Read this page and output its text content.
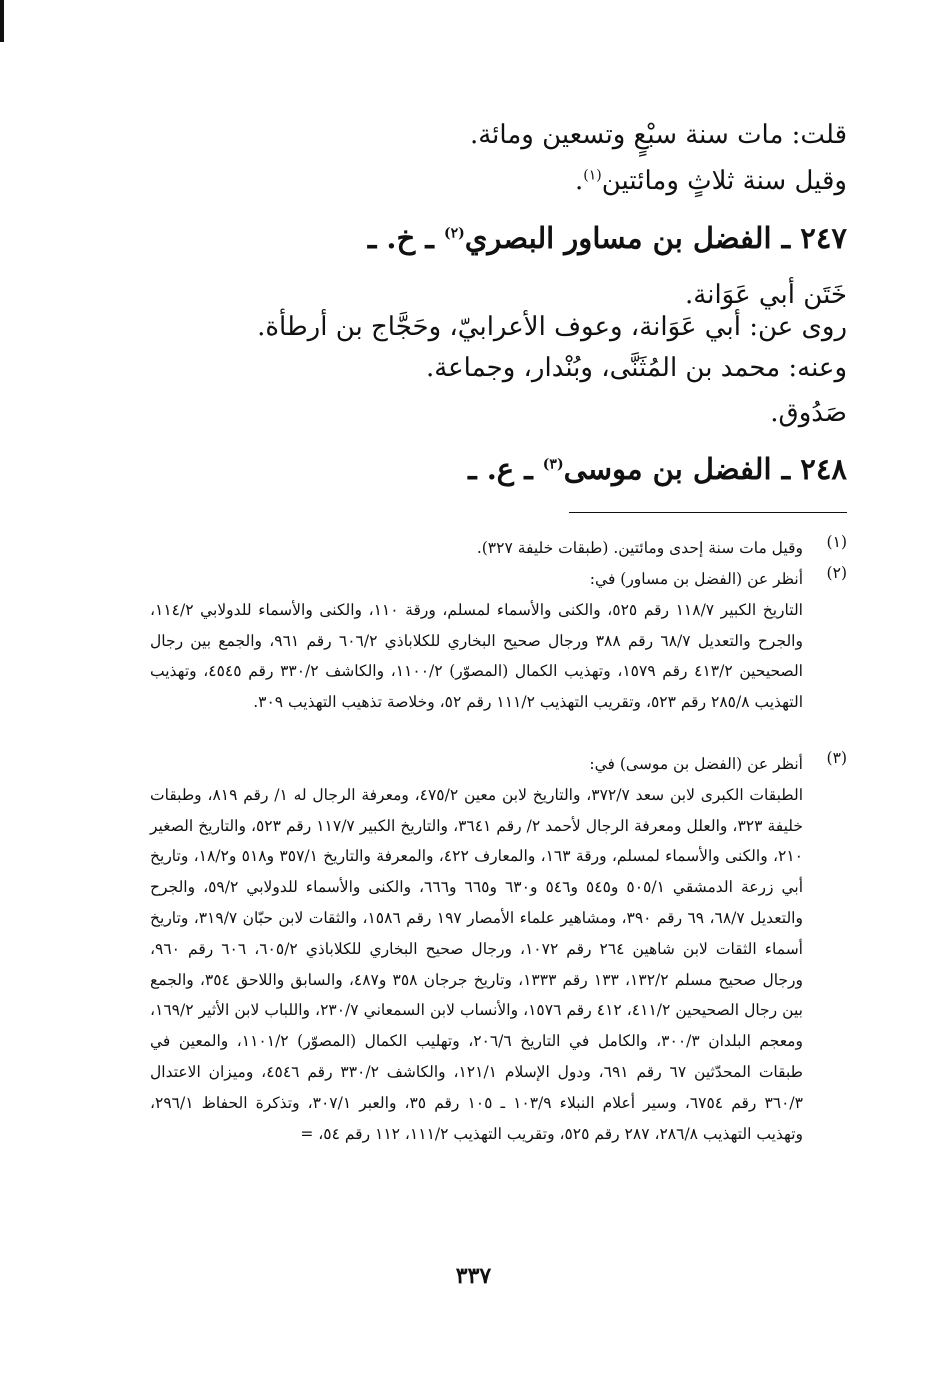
قلت: مات سنة سبْعٍ وتسعين ومائة.
وقيل سنة ثلاثٍ ومائتين$^{(١)}$.
٢٤٧ ـ الفضل بن مساور البصري$^{(٢)}$ ـ خ. ـ
خَتَن أبي عَوَانة.
روى عن: أبي عَوَانة، وعوف الأعرابيّ، وحَجَّاج بن أرطأة.
وعنه: محمد بن المُثَنَّى، وبُنْدار، وجماعة.
صَدُوق.
٢٤٨ ـ الفضل بن موسى$^{(٣)}$ ـ ع. ـ
(١)
وقيل مات سنة إحدى ومائتين. (طبقات خليفة ٣٢٧).
(٢)
أنظر عن (الفضل بن مساور) في:
التاريخ الكبير ١١٨/٧ رقم ٥٢٥، والكنى والأسماء لمسلم، ورقة ١١٠، والكنى والأسماء للدولابي ١١٤/٢، والجرح والتعديل ٦٨/٧ رقم ٣٨٨ ورجال صحيح البخاري للكلاباذي ٦٠٦/٢ رقم ٩٦١، والجمع بين رجال الصحيحين ٤١٣/٢ رقم ١٥٧٩، وتهذيب الكمال (المصوّر) ١١٠٠/٢، والكاشف ٣٣٠/٢ رقم ٤٥٤٥، وتهذيب التهذيب ٢٨٥/٨ رقم ٥٢٣، وتقريب التهذيب ١١١/٢ رقم ٥٢، وخلاصة تذهيب التهذيب ٣٠٩.
(٣)
أنظر عن (الفضل بن موسى) في:
الطبقات الكبرى لابن سعد ٣٧٢/٧، والتاريخ لابن معين ٤٧٥/٢، ومعرفة الرجال له ١/ رقم ٨١٩، وطبقات خليفة ٣٢٣، والعلل ومعرفة الرجال لأحمد ٢/ رقم ٣٦٤١، والتاريخ الكبير ١١٧/٧ رقم ٥٢٣، والتاريخ الصغير ٢١٠، والكنى والأسماء لمسلم، ورقة ١٦٣، والمعارف ٤٢٢، والمعرفة والتاريخ ٣٥٧/١ و٥١٨ و١٨/٢، وتاريخ أبي زرعة الدمشقي ٥٠٥/١ و٥٤٥ و٥٤٦ و٦٣٠ و٦٦٥ و٦٦٦، والكنى والأسماء للدولابي ٥٩/٢، والجرح والتعديل ٦٨/٧، ٦٩ رقم ٣٩٠، ومشاهير علماء الأمصار ١٩٧ رقم ١٥٨٦، والثقات لابن حبّان ٣١٩/٧، وتاريخ أسماء الثقات لابن شاهين ٢٦٤ رقم ١٠٧٢، ورجال صحيح البخاري للكلاباذي ٦٠٥/٢، ٦٠٦ رقم ٩٦٠، ورجال صحيح مسلم ١٣٢/٢، ١٣٣ رقم ١٣٣٣، وتاريخ جرجان ٣٥٨ و٤٨٧، والسابق واللاحق ٣٥٤، والجمع بين رجال الصحيحين ٤١١/٢، ٤١٢ رقم ١٥٧٦، والأنساب لابن السمعاني ٢٣٠/٧، واللباب لابن الأثير ١٦٩/٢، ومعجم البلدان ٣٠٠/٣، والكامل في التاريخ ٢٠٦/٦، وتهليب الكمال (المصوّر) ١١٠١/٢، والمعين في طبقات المحدّثين ٦٧ رقم ٦٩١، ودول الإسلام ١٢١/١، والكاشف ٣٣٠/٢ رقم ٤٥٤٦، وميزان الاعتدال ٣٦٠/٣ رقم ٦٧٥٤، وسير أعلام النبلاء ١٠٣/٩ ـ ١٠٥ رقم ٣٥، والعبر ٣٠٧/١، وتذكرة الحفاظ ٢٩٦/١، وتهذيب التهذيب ٢٨٦/٨، ٢٨٧ رقم ٥٢٥، وتقريب التهذيب ١١١/٢، ١١٢ رقم ٥٤، =
٣٣٧
